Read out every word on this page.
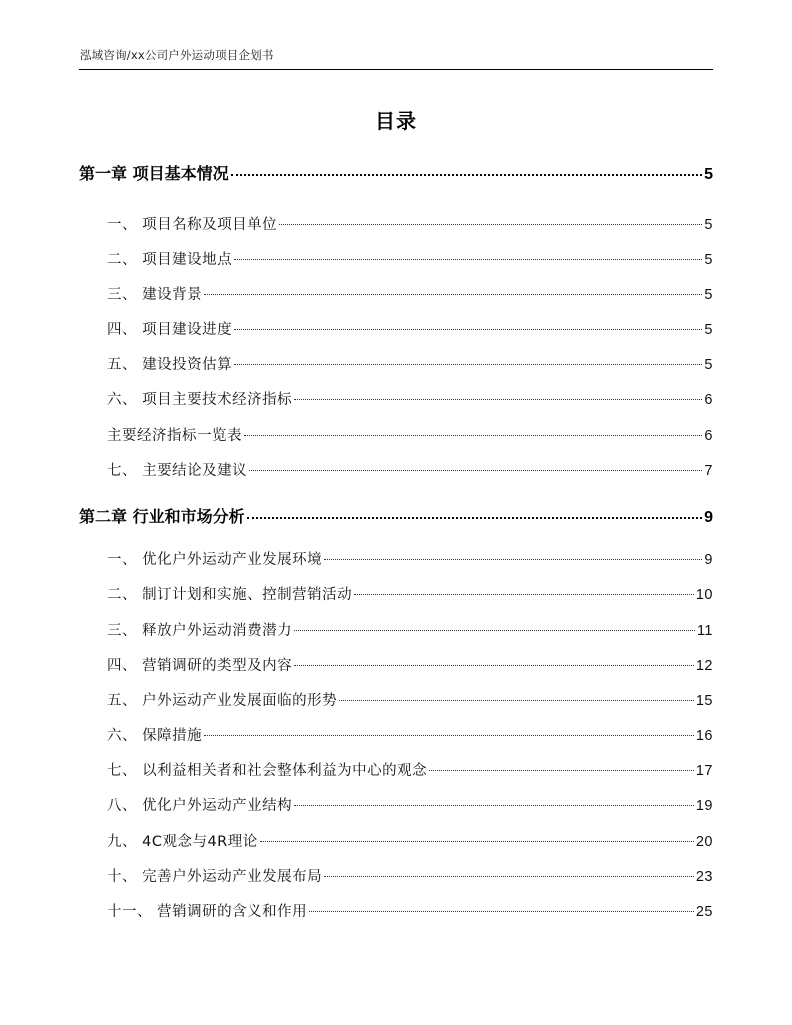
泓域咨询/xx公司户外运动项目企划书
目录
第一章 项目基本情况	5
一、 项目名称及项目单位	5
二、 项目建设地点	5
三、 建设背景	5
四、 项目建设进度	5
五、 建设投资估算	5
六、 项目主要技术经济指标	6
主要经济指标一览表	6
七、 主要结论及建议	7
第二章 行业和市场分析	9
一、 优化户外运动产业发展环境	9
二、 制订计划和实施、控制营销活动	10
三、 释放户外运动消费潜力	11
四、 营销调研的类型及内容	12
五、 户外运动产业发展面临的形势	15
六、 保障措施	16
七、 以利益相关者和社会整体利益为中心的观念	17
八、 优化户外运动产业结构	19
九、 4C观念与4R理论	20
十、 完善户外运动产业发展布局	23
十一、 营销调研的含义和作用	25
